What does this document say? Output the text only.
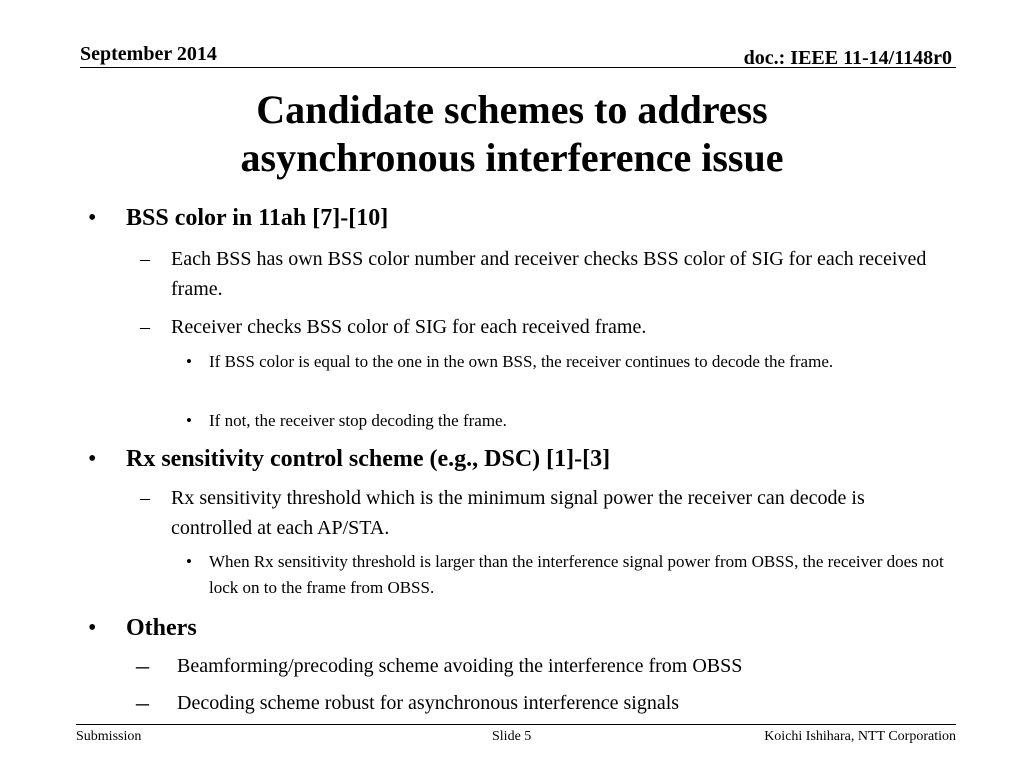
September 2014	doc.: IEEE 11-14/1148r0
Candidate schemes to address
asynchronous interference issue
• BSS color in 11ah [7]-[10]
– Each BSS has own BSS color number and receiver checks BSS color of SIG for each received frame.
– Receiver checks BSS color of SIG for each received frame.
• If BSS color is equal to the one in the own BSS, the receiver continues to decode the frame.
• If not, the receiver stop decoding the frame.
• Rx sensitivity control scheme (e.g., DSC) [1]-[3]
– Rx sensitivity threshold which is the minimum signal power the receiver can decode is controlled at each AP/STA.
• When Rx sensitivity threshold is larger than the interference signal power from OBSS, the receiver does not lock on to the frame from OBSS.
• Others
– Beamforming/precoding scheme avoiding the interference from OBSS
– Decoding scheme robust for asynchronous interference signals
Submission	Slide 5	Koichi Ishihara, NTT Corporation
